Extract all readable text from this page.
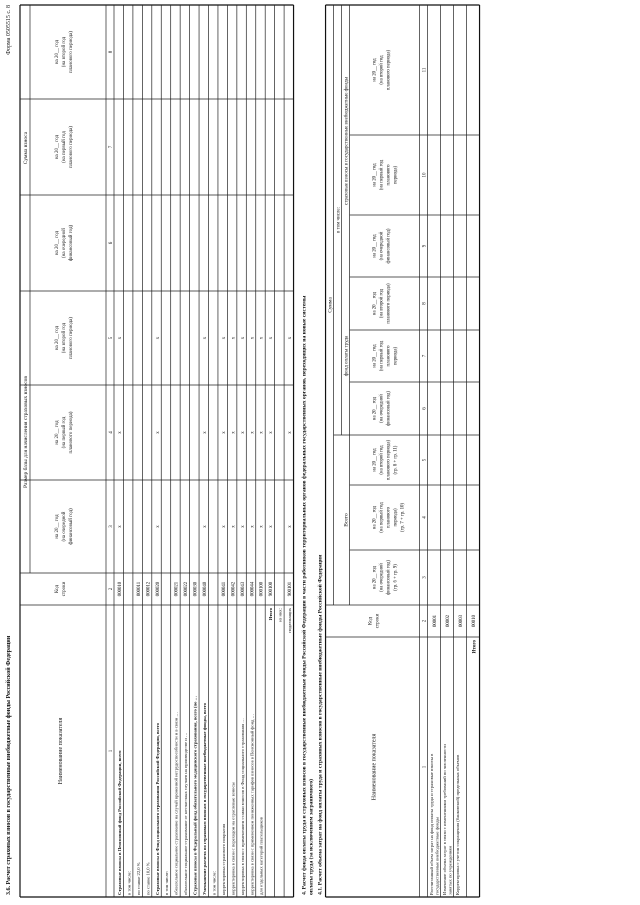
3.6. Расчет страховых взносов в государственные внебюджетные фонды Российской Федерации	Наименование показателя
Код строки
Размер базы для начисления страховых взносов
Сумма взноса
на 20__ год (на очередной финансовый год)
на 20__ год (на первый год планового периода)
на 20__ год (на второй год планового периода)
на 20__ год (на очередной финансовый год)
на 20__ год (на первый год планового периода)
на 20__ год (на второй год планового периода)
1
2
3
4
5
6
7
8
Страховые взносы в Пенсионный фонд Российской Федерации, всего
000010
x
x
x
в том числе: по ставке 22,0 %
000011
по ставке 10,0 %
000012
Страховые взносы в Фонд социального страхования Российской Федерации, всего
000020
x
x
x
в том числе: обязательное социальное страхование на случай временной нетрудоспособности и в связи …
000021
обязательное социальное страхование от несчастных случаев на производстве и …
000022
Страховые взносы в Федеральный фонд обязательного медицинского страхования, всего (по …
000030
Уменьшение расчета по страховым взносам в государственные внебюджетные фонды, всего
000040
x
x
x
в том числе: корректировка страхового покрытия
000041
x
x
x
корректировка в связи с переходом на отраслевые взносы
000042
x
x
x
корректировка в связи с применением ставки взносов в Фонд социального страхования …
000043
x
x
x
корректировка в связи с применением пониженных тарифов взносов в Пенсионный фонд …
000044
x
x
x
для отдельных категорий плательщиков
000100
x
x
x
Итого
900100
x
x
x
из них: подлежащих
900101
x
x
x 4. Расчет фонда оплаты труда и страховых взносов в государственные внебюджетные фонды Российской Федерации в части работников территориальных органов федеральных государственных органов, переходящих на новые системы оплаты труда (за исключением заграничного) 4.1. Расчет объема затрат на фонд оплаты труда и страховых взносов в государственные внебюджетные фонды Российской Федерации
Сумма
Всего
в том числе:
фонд оплаты труда
страховые взносы в государственные внебюджетные фонды
Наименование показателя
Код строки
на 20__ год (на очередной финансовый год) (гр. 6 + гр. 9)
на 20__ год (на первый год планового периода) (гр. 7 + гр. 10)
на 20__ год (на второй год планового периода) (гр. 8 + гр. 11)
на 20__ год (на очередной финансовый год)
на 20__ год (на первый год планового периода)
на 20__ год (на второй год планового периода)
на 20__ год (на очередной финансовый год)
на 20__ год (на первый год планового периода)
на 20__ год (на второй год планового периода)
1
2
3
4
5
6
7
8
9
10
11
Рассчитанный объем затрат на фонд оплаты труда и страховые взносы в государственные внебюджетные фонды
00001
Изменение объема затрат в связи с изменениями требований по численности занятых по учреждениям
00002
Корректировка с учетом сокращения (банковской) предельных объемов
00003
Итого
00010
Форма 0505515 с. 8
